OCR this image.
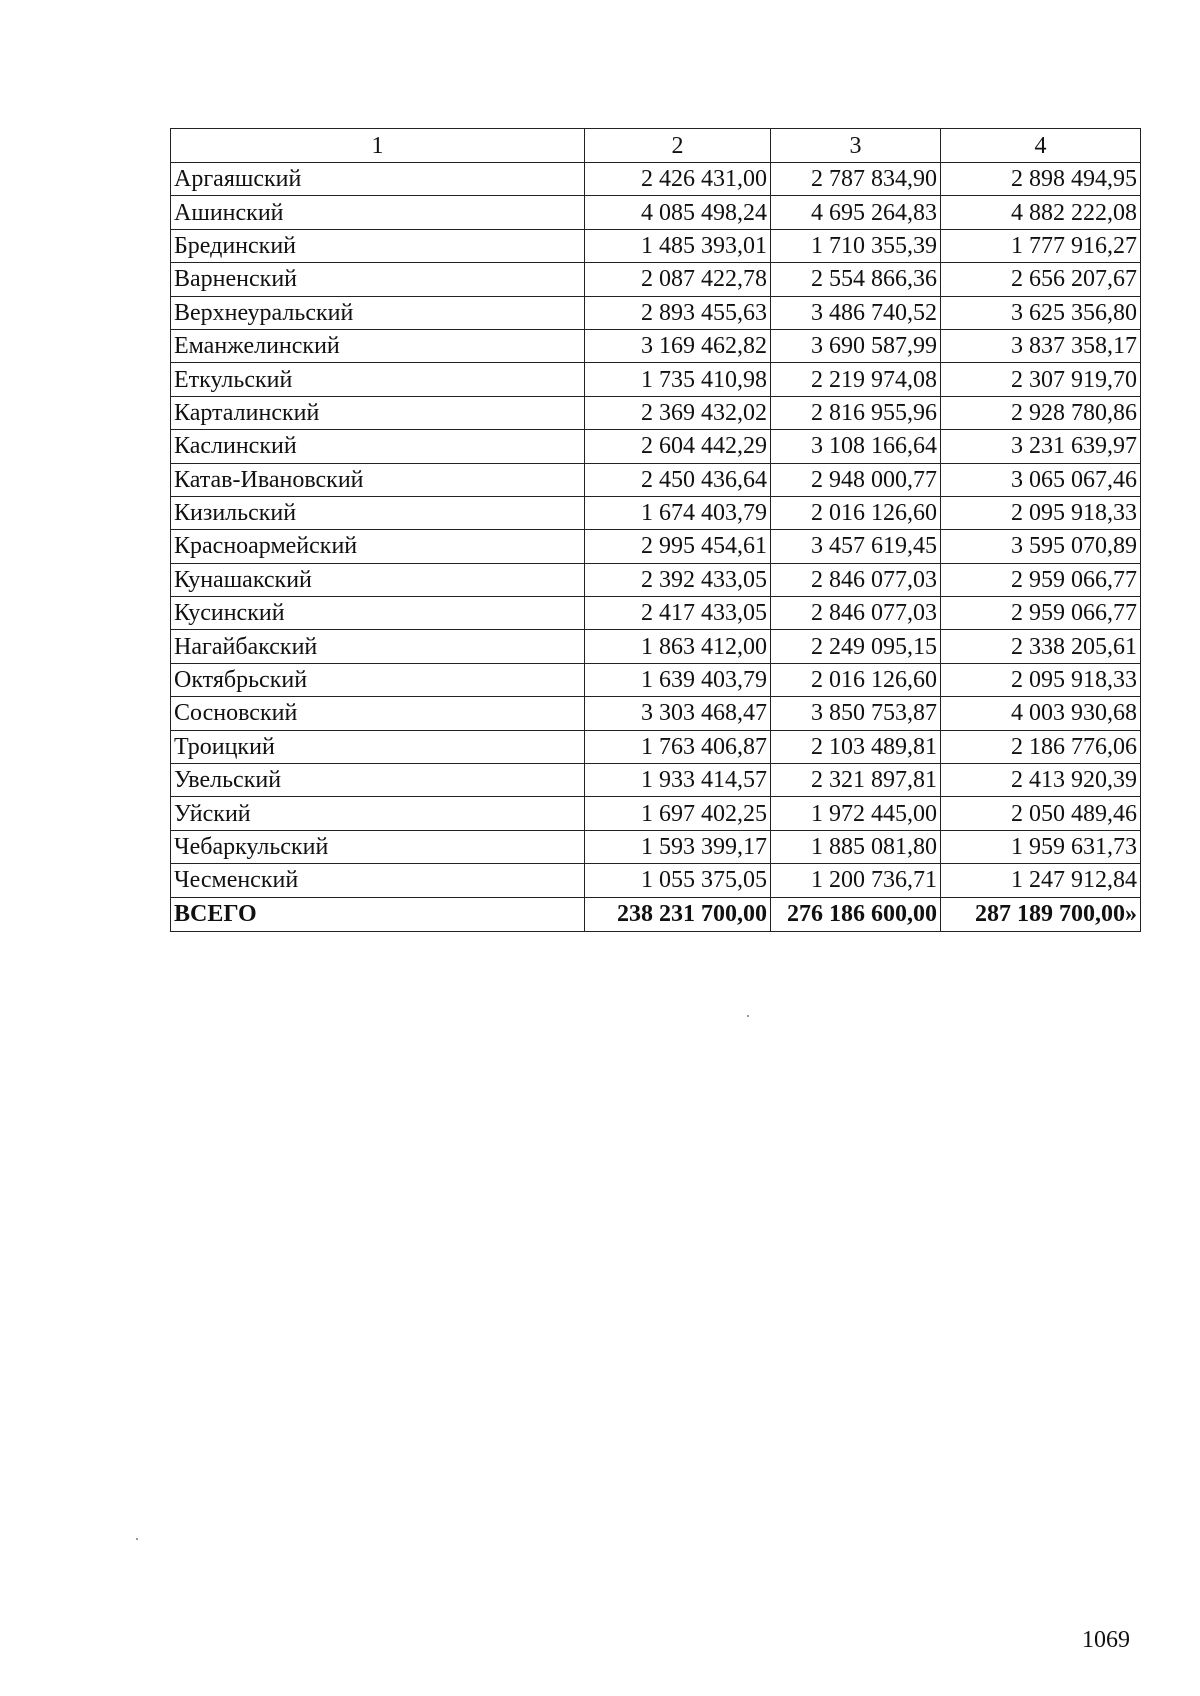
1	2	3	4
Аргаяшский	2 426 431,00	2 787 834,90	2 898 494,95
Ашинский	4 085 498,24	4 695 264,83	4 882 222,08
Брединский	1 485 393,01	1 710 355,39	1 777 916,27
Варненский	2 087 422,78	2 554 866,36	2 656 207,67
Верхнеуральский	2 893 455,63	3 486 740,52	3 625 356,80
Еманжелинский	3 169 462,82	3 690 587,99	3 837 358,17
Еткульский	1 735 410,98	2 219 974,08	2 307 919,70
Карталинский	2 369 432,02	2 816 955,96	2 928 780,86
Каслинский	2 604 442,29	3 108 166,64	3 231 639,97
Катав-Ивановский	2 450 436,64	2 948 000,77	3 065 067,46
Кизильский	1 674 403,79	2 016 126,60	2 095 918,33
Красноармейский	2 995 454,61	3 457 619,45	3 595 070,89
Кунашакский	2 392 433,05	2 846 077,03	2 959 066,77
Кусинский	2 417 433,05	2 846 077,03	2 959 066,77
Нагайбакский	1 863 412,00	2 249 095,15	2 338 205,61
Октябрьский	1 639 403,79	2 016 126,60	2 095 918,33
Сосновский	3 303 468,47	3 850 753,87	4 003 930,68
Троицкий	1 763 406,87	2 103 489,81	2 186 776,06
Увельский	1 933 414,57	2 321 897,81	2 413 920,39
Уйский	1 697 402,25	1 972 445,00	2 050 489,46
Чебаркульский	1 593 399,17	1 885 081,80	1 959 631,73
Чесменский	1 055 375,05	1 200 736,71	1 247 912,84
ВСЕГО	238 231 700,00	276 186 600,00	287 189 700,00»
1069
